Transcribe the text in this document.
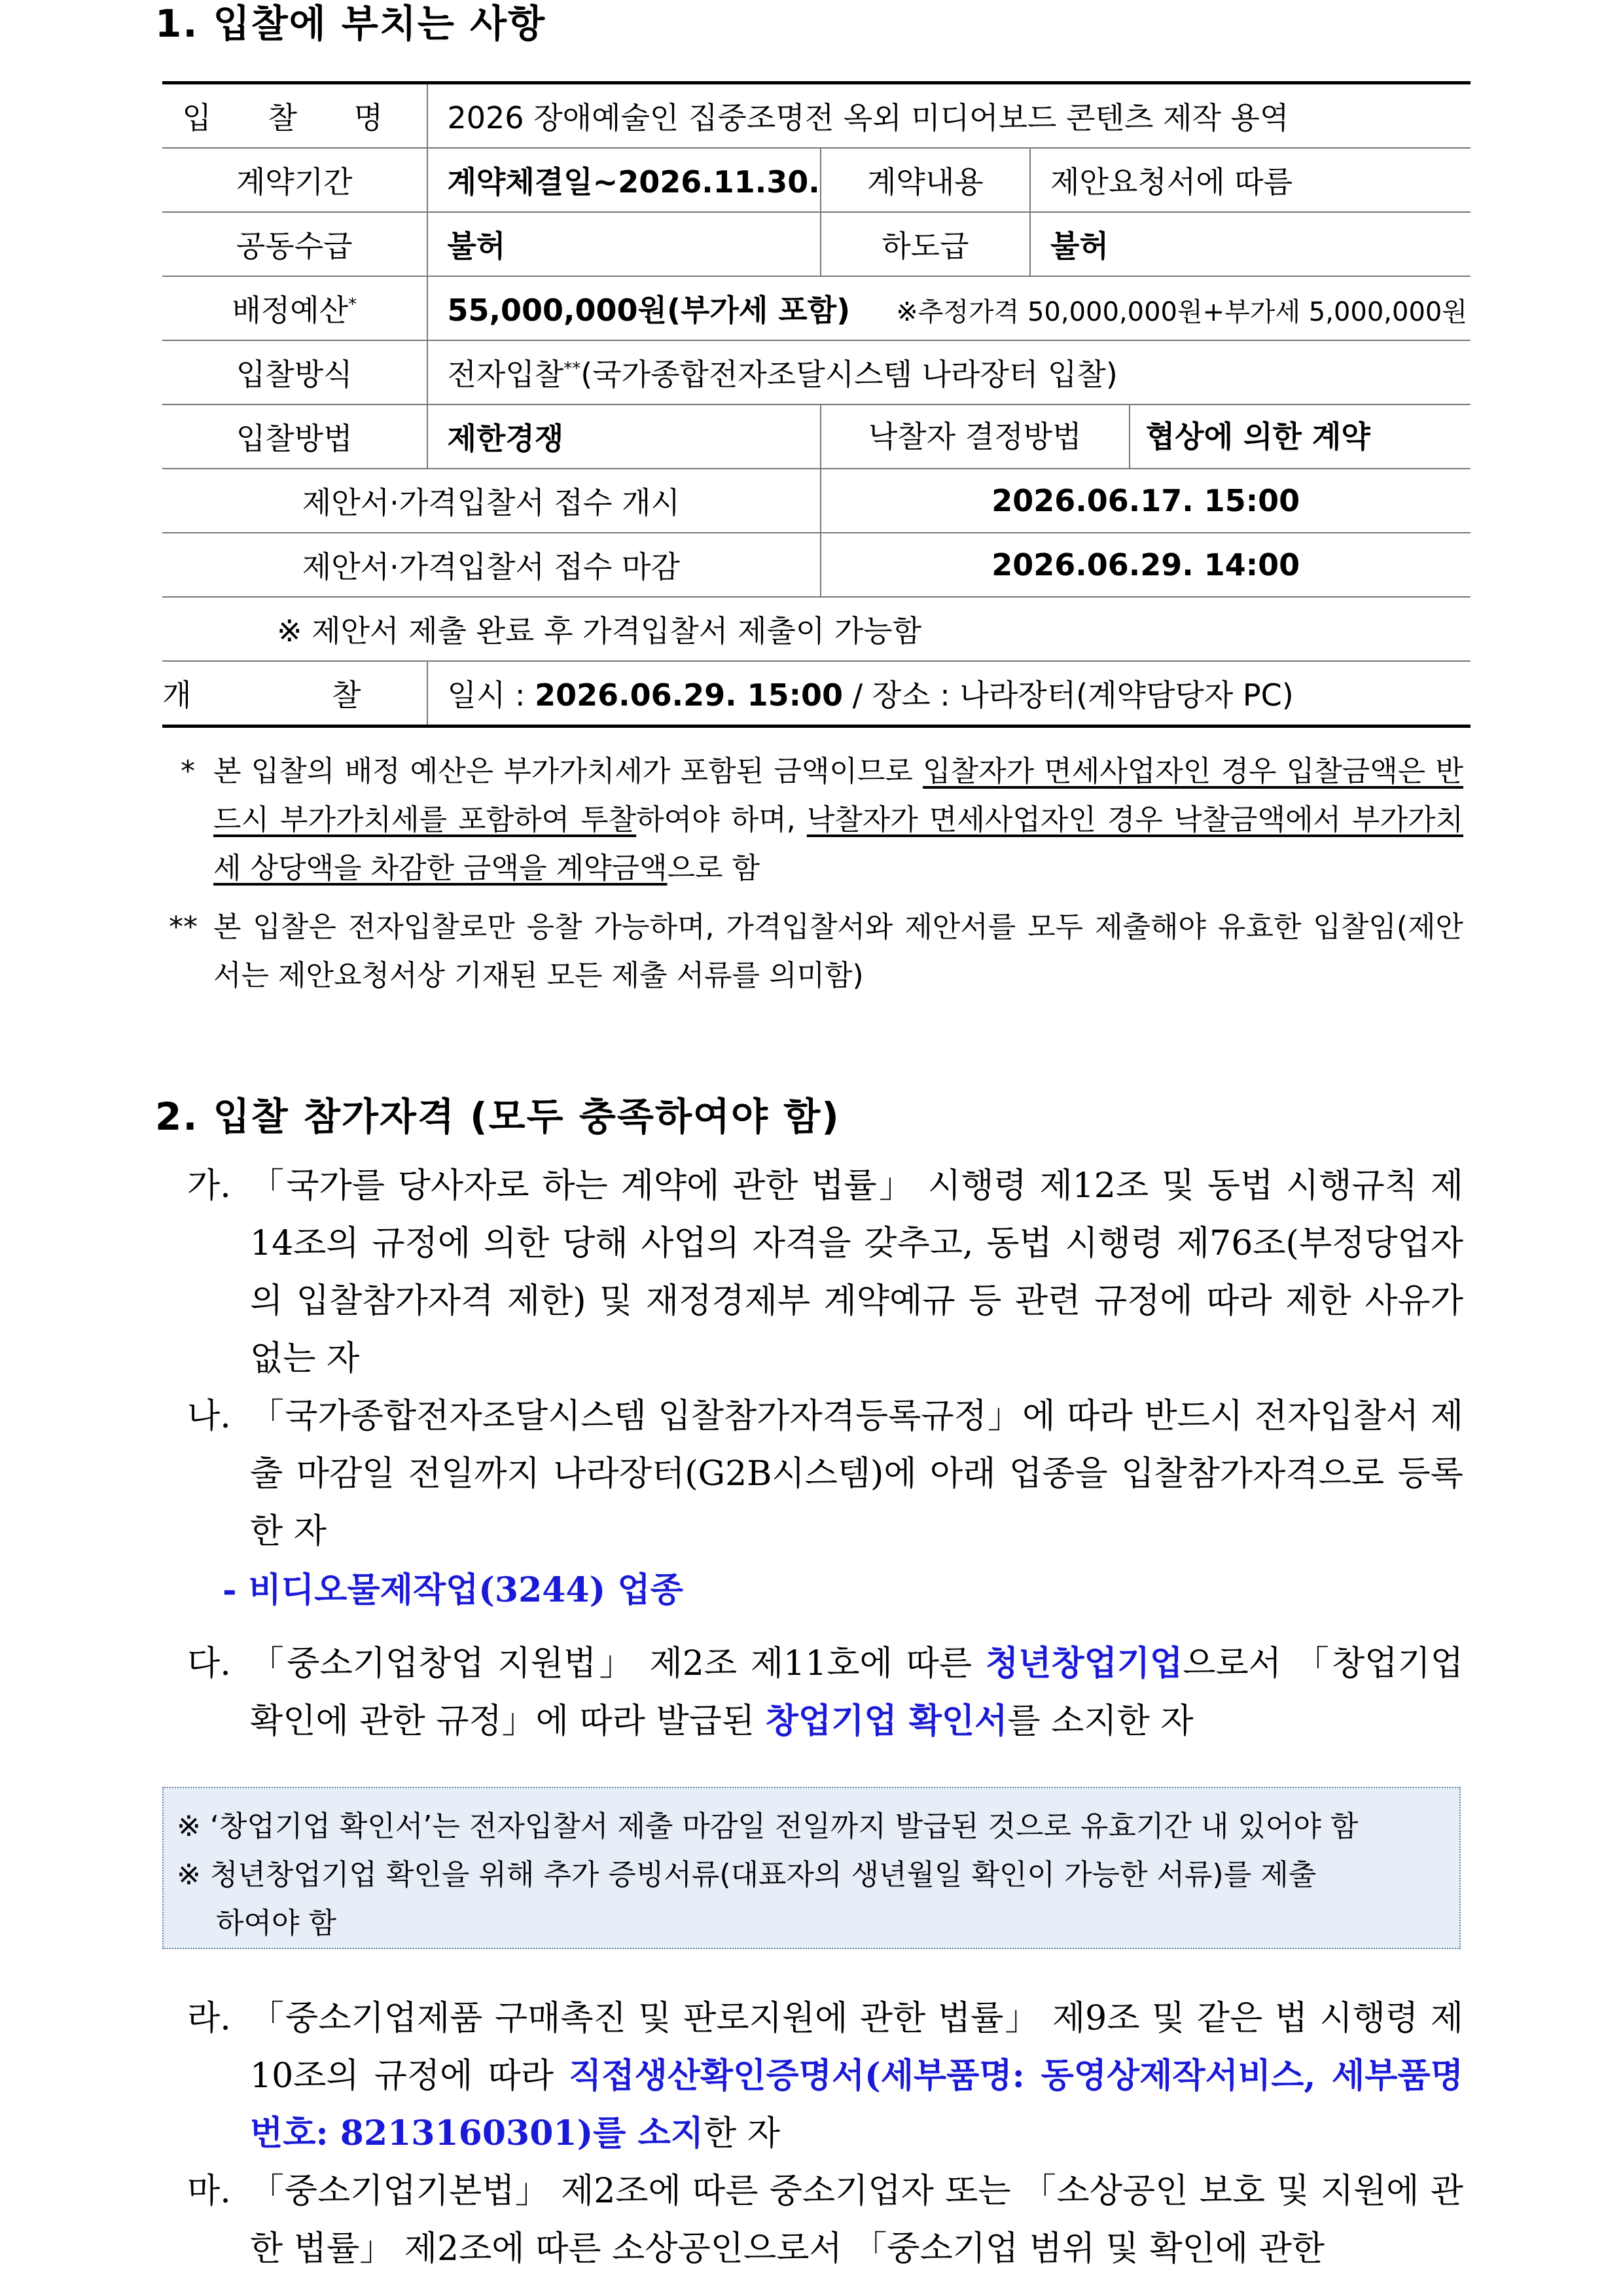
1. 입찰에 부치는 사항
입 찰 명	2026 장애예술인 집중조명전 옥외 미디어보드 콘텐츠 제작 용역		
계약기간	계약체결일~2026.11.30.	계약내용	제안요청서에 따름
공동수급	불허	하도급	불허
배정예산*	55,000,000원(부가세 포함) ※추정가격 50,000,000원+부가세 5,000,000원		
입찰방식	전자입찰**(국가종합전자조달시스템 나라장터 입찰)		
입찰방법	제한경쟁	낙찰자 결정방법 협상에 의한 계약	
제안서·가격입찰서 접수 개시		2026.06.17. 15:00	
제안서·가격입찰서 접수 마감		2026.06.29. 14:00	
※ 제안서 제출 완료 후 가격입찰서 제출이 가능함			
개 찰	일시 : 2026.06.29. 15:00 / 장소 : 나라장터(계약담당자 PC)		
* 본 입찰의 배정 예산은 부가가치세가 포함된 금액이므로 입찰자가 면세사업자인 경우 입찰금액은 반드시 부가가치세를 포함하여 투찰하여야 하며, 낙찰자가 면세사업자인 경우 낙찰금액에서 부가가치세 상당액을 차감한 금액을 계약금액으로 함
** 본 입찰은 전자입찰로만 응찰 가능하며, 가격입찰서와 제안서를 모두 제출해야 유효한 입찰임(제안서는 제안요청서상 기재된 모든 제출 서류를 의미함)
2. 입찰 참가자격 (모두 충족하여야 함)
가. 「국가를 당사자로 하는 계약에 관한 법률」 시행령 제12조 및 동법 시행규칙 제14조의 규정에 의한 당해 사업의 자격을 갖추고, 동법 시행령 제76조(부정당업자의 입찰참가자격 제한) 및 재정경제부 계약예규 등 관련 규정에 따라 제한 사유가 없는 자
나. 「국가종합전자조달시스템 입찰참가자격등록규정」에 따라 반드시 전자입찰서 제출 마감일 전일까지 나라장터(G2B시스템)에 아래 업종을 입찰참가자격으로 등록한 자
- 비디오물제작업(3244) 업종
다. 「중소기업창업 지원법」 제2조 제11호에 따른 청년창업기업으로서 「창업기업 확인에 관한 규정」에 따라 발급된 창업기업 확인서를 소지한 자
※ ‘창업기업 확인서’는 전자입찰서 제출 마감일 전일까지 발급된 것으로 유효기간 내 있어야 함
※ 청년창업기업 확인을 위해 추가 증빙서류(대표자의 생년월일 확인이 가능한 서류)를 제출
하여야 함
라. 「중소기업제품 구매촉진 및 판로지원에 관한 법률」 제9조 및 같은 법 시행령 제10조의 규정에 따라 직접생산확인증명서(세부품명: 동영상제작서비스, 세부품명번호: 8213160301)를 소지한 자
마. 「중소기업기본법」 제2조에 따른 중소기업자 또는 「소상공인 보호 및 지원에 관한 법률」 제2조에 따른 소상공인으로서 「중소기업 범위 및 확인에 관한
